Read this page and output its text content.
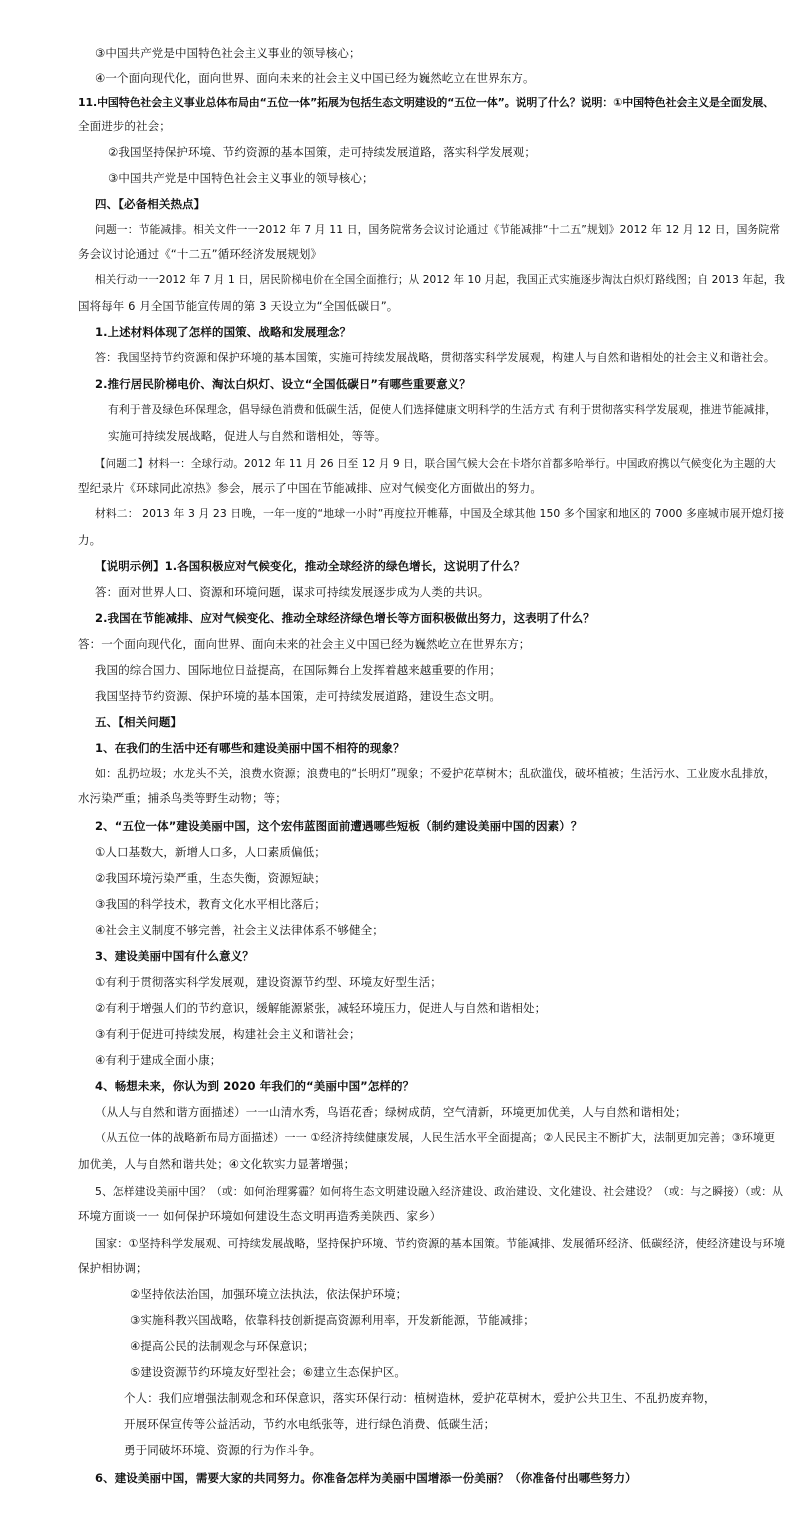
③中国共产党是中国特色社会主义事业的领导核心；
④一个面向现代化，面向世界、面向未来的社会主义中国已经为巍然屹立在世界东方。
11.中国特色社会主义事业总体布局由“五位一体”拓展为包括生态文明建设的“五位一体”。说明了什么？说明：①中国特色社会主义是全面发展、
全面进步的社会；
②我国坚持保护环境、节约资源的基本国策，走可持续发展道路，落实科学发展观；
③中国共产党是中国特色社会主义事业的领导核心；
四、【必备相关热点】
问题一：节能减排。相关文件一一2012 年 7 月 11 日，国务院常务会议讨论通过《节能减排“十二五”规划》2012 年 12 月 12 日，国务院常
务会议讨论通过《“十二五”循环经济发展规划》
相关行动一一2012 年 7 月 1 日，居民阶梯电价在全国全面推行；从 2012 年 10 月起，我国正式实施逐步淘汰白炽灯路线图；自 2013 年起，我
国将每年 6 月全国节能宣传周的第 3 天设立为“全国低碳日”。
1.上述材料体现了怎样的国策、战略和发展理念？
答：我国坚持节约资源和保护环境的基本国策，实施可持续发展战略，贯彻落实科学发展观，构建人与自然和谐相处的社会主义和谐社会。
2.推行居民阶梯电价、淘汰白炽灯、设立“全国低碳日”有哪些重要意义？
有利于普及绿色环保理念，倡导绿色消费和低碳生活，促使人们选择健康文明科学的生活方式 有利于贯彻落实科学发展观，推进节能减排，
实施可持续发展战略，促进人与自然和谐相处，等等。
【问题二】材料一：全球行动。2012 年 11 月 26 日至 12 月 9 日，联合国气候大会在卡塔尔首都多哈举行。中国政府携以气候变化为主题的大
型纪录片《环球同此凉热》参会，展示了中国在节能减排、应对气候变化方面做出的努力。
材料二： 2013 年 3 月 23 日晚，一年一度的“地球一小时”再度拉开帷幕，中国及全球其他 150 多个国家和地区的 7000 多座城市展开熄灯接
力。
【说明示例】1.各国积极应对气候变化，推动全球经济的绿色增长，这说明了什么？
答：面对世界人口、资源和环境问题，谋求可持续发展逐步成为人类的共识。
2.我国在节能减排、应对气候变化、推动全球经济绿色增长等方面积极做出努力，这表明了什么？
答：一个面向现代化，面向世界、面向未来的社会主义中国已经为巍然屹立在世界东方；
我国的综合国力、国际地位日益提高，在国际舞台上发挥着越来越重要的作用；
我国坚持节约资源、保护环境的基本国策，走可持续发展道路，建设生态文明。
五、【相关问题】
1、在我们的生活中还有哪些和建设美丽中国不相符的现象？
如：乱扔垃圾；水龙头不关，浪费水资源；浪费电的“长明灯”现象；不爱护花草树木；乱砍滥伐，破坏植被；生活污水、工业废水乱排放，
水污染严重；捕杀鸟类等野生动物；等；
2、“五位一体”建设美丽中国，这个宏伟蓝图面前遭遇哪些短板（制约建设美丽中国的因素）？
①人口基数大，新增人口多，人口素质偏低；
②我国环境污染严重，生态失衡，资源短缺；
③我国的科学技术，教育文化水平相比落后；
④社会主义制度不够完善，社会主义法律体系不够健全；
3、建设美丽中国有什么意义？
①有利于贯彻落实科学发展观，建设资源节约型、环境友好型生活；
②有利于增强人们的节约意识，缓解能源紧张，减轻环境压力，促进人与自然和谐相处；
③有利于促进可持续发展，构建社会主义和谐社会；
④有利于建成全面小康；
4、畅想未来，你认为到 2020 年我们的“美丽中国”怎样的？
（从人与自然和谐方面描述）一一山清水秀，鸟语花香；绿树成荫，空气清新，环境更加优美，人与自然和谐相处；
（从五位一体的战略新布局方面描述）一一 ①经济持续健康发展，人民生活水平全面提高；②人民民主不断扩大，法制更加完善；③环境更
加优美，人与自然和谐共处；④文化软实力显著增强；
5、怎样建设美丽中国？（或：如何治理雾霾？如何将生态文明建设融入经济建设、政治建设、文化建设、社会建设？（或：与之瞬接）（或：从
环境方面谈一一 如何保护环境如何建设生态文明再造秀美陕西、家乡）
国家：①坚持科学发展观、可持续发展战略，坚持保护环境、节约资源的基本国策。节能减排、发展循环经济、低碳经济，使经济建设与环境
保护相协调；
②坚持依法治国，加强环境立法执法，依法保护环境；
③实施科教兴国战略，依靠科技创新提高资源利用率，开发新能源，节能减排；
④提高公民的法制观念与环保意识；
⑤建设资源节约环境友好型社会；⑥建立生态保护区。
个人：我们应增强法制观念和环保意识，落实环保行动：植树造林，爱护花草树木，爱护公共卫生、不乱扔废弃物，
开展环保宣传等公益活动，节约水电纸张等，进行绿色消费、低碳生活；
勇于同破坏环境、资源的行为作斗争。
6、建设美丽中国，需要大家的共同努力。你准备怎样为美丽中国增添一份美丽？（你准备付出哪些努力）
